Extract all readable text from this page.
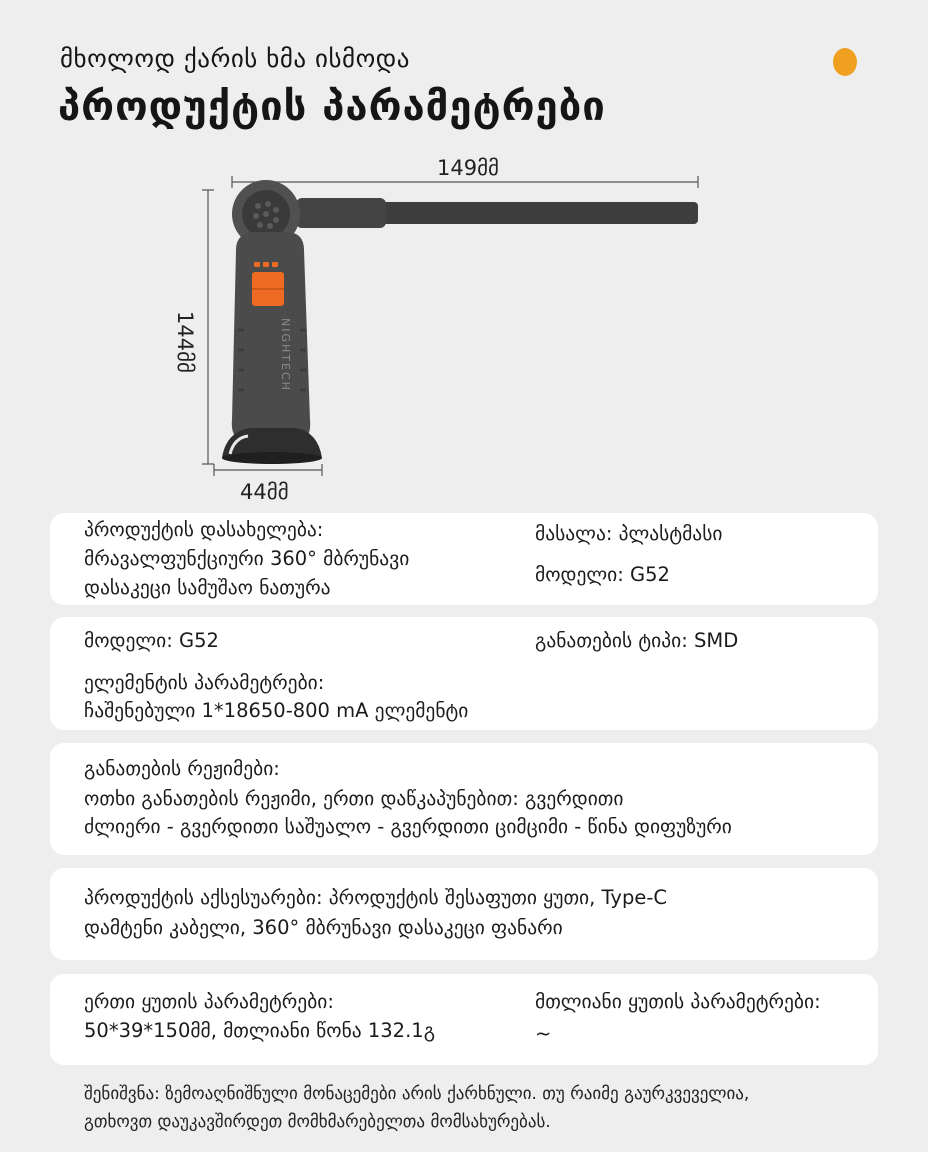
მხოლოდ ქარის ხმა ისმოდა
პროდუქტის პარამეტრები
NIGHTECH
149მმ
144მმ
44მმ
პროდუქტის დასახელება:
მრავალფუნქციური 360° მბრუნავი
დასაკეცი სამუშაო ნათურა
მასალა: პლასტმასი
მოდელი: G52
მოდელი: G52
ელემენტის პარამეტრები:
ჩაშენებული 1*18650-800 mA ელემენტი
განათების ტიპი: SMD
განათების რეჟიმები:
ოთხი განათების რეჟიმი, ერთი დაწკაპუნებით: გვერდითი
ძლიერი - გვერდითი საშუალო - გვერდითი ციმციმი - წინა დიფუზური
პროდუქტის აქსესუარები: პროდუქტის შესაფუთი ყუთი, Type-C
დამტენი კაბელი, 360° მბრუნავი დასაკეცი ფანარი
ერთი ყუთის პარამეტრები:
50*39*150მმ, მთლიანი წონა 132.1გ
მთლიანი ყუთის პარამეტრები:
~
შენიშვნა: ზემოაღნიშნული მონაცემები არის ქარხნული. თუ რაიმე გაურკვეველია,
გთხოვთ დაუკავშირდეთ მომხმარებელთა მომსახურებას.
